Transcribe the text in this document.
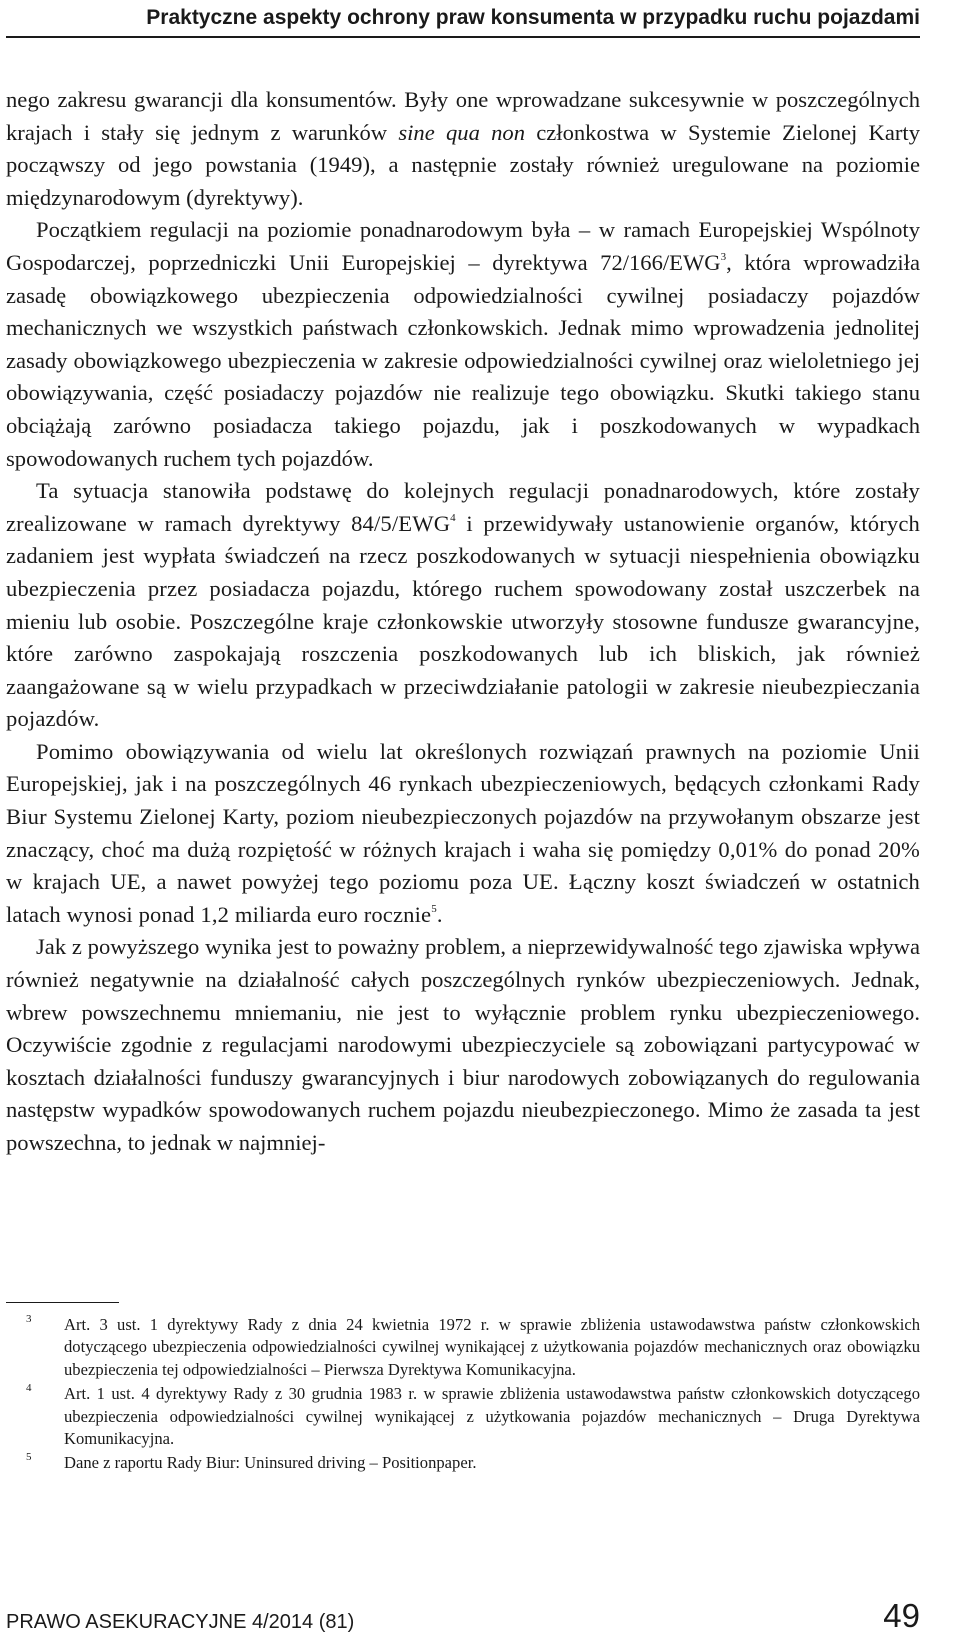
Praktyczne aspekty ochrony praw konsumenta w przypadku ruchu pojazdami

nego zakresu gwarancji dla konsumentów. Były one wprowadzane sukcesywnie w poszczególnych krajach i stały się jednym z warunków sine qua non członkostwa w Systemie Zielonej Karty począwszy od jego powstania (1949), a następnie zostały również uregulowane na poziomie międzynarodowym (dyrektywy).

Początkiem regulacji na poziomie ponadnarodowym była – w ramach Europejskiej Wspólnoty Gospodarczej, poprzedniczki Unii Europejskiej – dyrektywa 72/166/EWG$^3$, która wprowadziła zasadę obowiązkowego ubezpieczenia odpowiedzialności cywilnej posiadaczy pojazdów mechanicznych we wszystkich państwach członkowskich. Jednak mimo wprowadzenia jednolitej zasady obowiązkowego ubezpieczenia w zakresie odpowiedzialności cywilnej oraz wieloletniego jej obowiązywania, część posiadaczy pojazdów nie realizuje tego obowiązku. Skutki takiego stanu obciążają zarówno posiadacza takiego pojazdu, jak i poszkodowanych w wypadkach spowodowanych ruchem tych pojazdów.

Ta sytuacja stanowiła podstawę do kolejnych regulacji ponadnarodowych, które zostały zrealizowane w ramach dyrektywy 84/5/EWG$^4$ i przewidywały ustanowienie organów, których zadaniem jest wypłata świadczeń na rzecz poszkodowanych w sytuacji niespełnienia obowiązku ubezpieczenia przez posiadacza pojazdu, którego ruchem spowodowany został uszczerbek na mieniu lub osobie. Poszczególne kraje członkowskie utworzyły stosowne fundusze gwarancyjne, które zarówno zaspokajają roszczenia poszkodowanych lub ich bliskich, jak również zaangażowane są w wielu przypadkach w przeciwdziałanie patologii w zakresie nieubezpieczania pojazdów.

Pomimo obowiązywania od wielu lat określonych rozwiązań prawnych na poziomie Unii Europejskiej, jak i na poszczególnych 46 rynkach ubezpieczeniowych, będących członkami Rady Biur Systemu Zielonej Karty, poziom nieubezpieczonych pojazdów na przywołanym obszarze jest znaczący, choć ma dużą rozpiętość w różnych krajach i waha się pomiędzy 0,01% do ponad 20% w krajach UE, a nawet powyżej tego poziomu poza UE. Łączny koszt świadczeń w ostatnich latach wynosi ponad 1,2 miliarda euro rocznie$^5$.

Jak z powyższego wynika jest to poważny problem, a nieprzewidywalność tego zjawiska wpływa również negatywnie na działalność całych poszczególnych rynków ubezpieczeniowych. Jednak, wbrew powszechnemu mniemaniu, nie jest to wyłącznie problem rynku ubezpieczeniowego. Oczywiście zgodnie z regulacjami narodowymi ubezpieczyciele są zobowiązani partycypować w kosztach działalności funduszy gwarancyjnych i biur narodowych zobowiązanych do regulowania następstw wypadków spowodowanych ruchem pojazdu nieubezpieczonego. Mimo że zasada ta jest powszechna, to jednak w najmniej-

3 Art. 3 ust. 1 dyrektywy Rady z dnia 24 kwietnia 1972 r. w sprawie zbliżenia ustawodawstwa państw członkowskich dotyczącego ubezpieczenia odpowiedzialności cywilnej wynikającej z użytkowania pojazdów mechanicznych oraz obowiązku ubezpieczenia tej odpowiedzialności – Pierwsza Dyrektywa Komunikacyjna.
4 Art. 1 ust. 4 dyrektywy Rady z 30 grudnia 1983 r. w sprawie zbliżenia ustawodawstwa państw członkowskich dotyczącego ubezpieczenia odpowiedzialności cywilnej wynikającej z użytkowania pojazdów mechanicznych – Druga Dyrektywa Komunikacyjna.
5 Dane z raportu Rady Biur: Uninsured driving – Positionpaper.
PRAWO ASEKURACYJNE 4/2014 (81)	49
